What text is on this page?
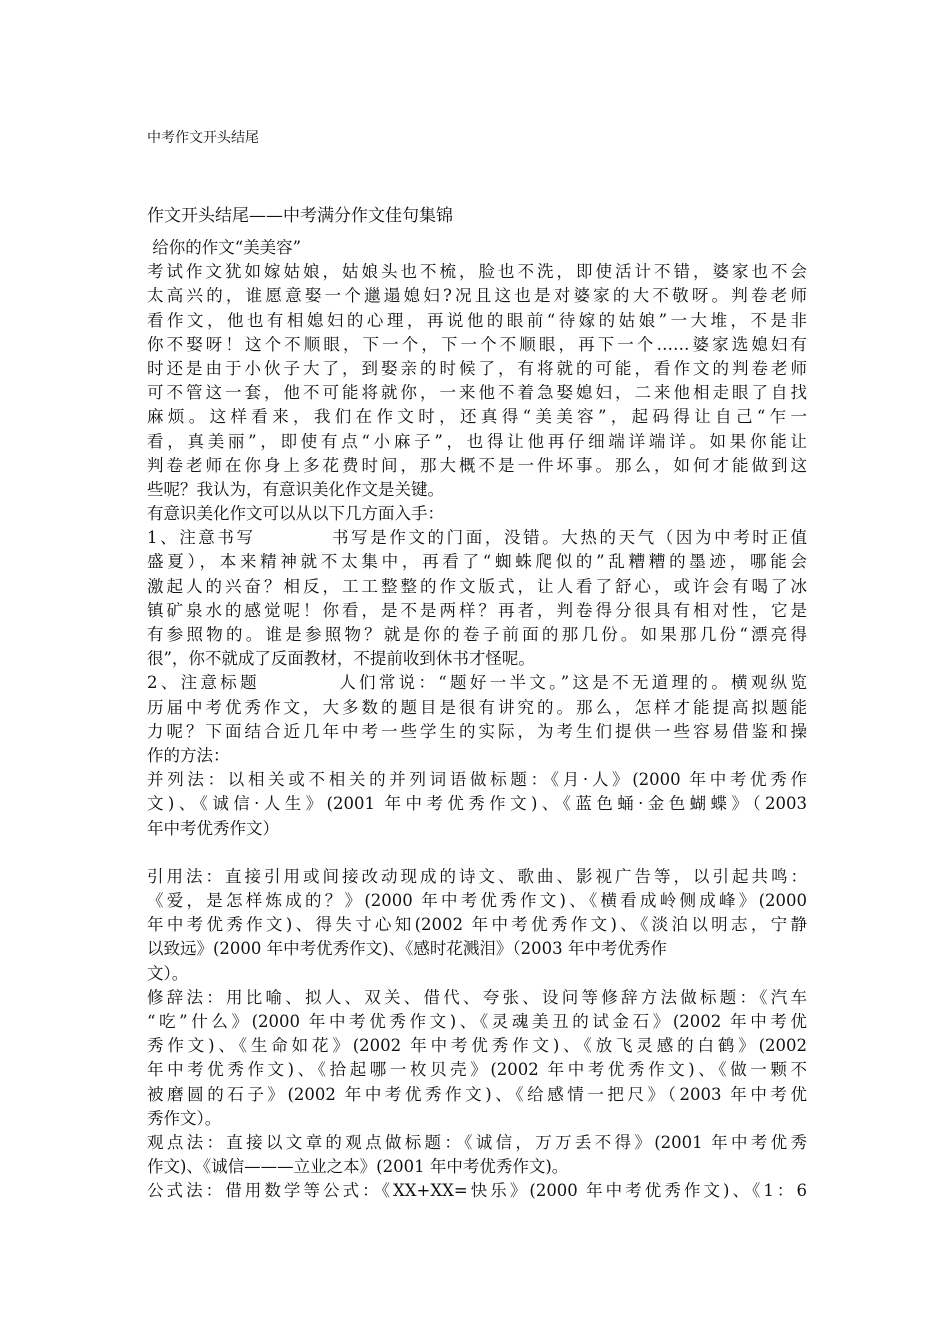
中考作文开头结尾
作文开头结尾——中考满分作文佳句集锦
给你的作文“美美容”
考试作文犹如嫁姑娘，姑娘头也不梳，脸也不洗，即使活计不错，婆家也不会
太高兴的，谁愿意娶一个邋遢媳妇?况且这也是对婆家的大不敬呀。判卷老师
看作文，他也有相媳妇的心理，再说他的眼前“待嫁的姑娘”一大堆，不是非
你不娶呀！这个不顺眼，下一个，下一个不顺眼，再下一个……婆家选媳妇有
时还是由于小伙子大了，到娶亲的时候了，有将就的可能，看作文的判卷老师
可不管这一套，他不可能将就你，一来他不着急娶媳妇，二来他相走眼了自找
麻烦。这样看来，我们在作文时，还真得“美美容”，起码得让自己“乍一
看，真美丽”，即使有点“小麻子”，也得让他再仔细端详端详。如果你能让
判卷老师在你身上多花费时间，那大概不是一件坏事。那么，如何才能做到这
些呢？我认为，有意识美化作文是关键。
有意识美化作文可以从以下几方面入手：
1、注意书写　　　　书写是作文的门面，没错。大热的天气（因为中考时正值
盛夏），本来精神就不太集中，再看了“蜘蛛爬似的”乱糟糟的墨迹，哪能会
激起人的兴奋？相反，工工整整的作文版式，让人看了舒心，或许会有喝了冰
镇矿泉水的感觉呢！你看，是不是两样？再者，判卷得分很具有相对性，它是
有参照物的。谁是参照物？就是你的卷子前面的那几份。如果那几份“漂亮得
很”，你不就成了反面教材，不提前收到休书才怪呢。
2、注意标题　　　　人们常说：“题好一半文。”这是不无道理的。横观纵览
历届中考优秀作文，大多数的题目是很有讲究的。那么，怎样才能提高拟题能
力呢？下面结合近几年中考一些学生的实际，为考生们提供一些容易借鉴和操
作的方法：
并列法：以相关或不相关的并列词语做标题：《月·人》(2000 年中考优秀作
文)、《诚信·人生》(2001 年中考优秀作文)、《蓝色蛹·金色蝴蝶》（2003
年中考优秀作文）
引用法：直接引用或间接改动现成的诗文、歌曲、影视广告等，以引起共鸣：
《爱，是怎样炼成的？》(2000 年中考优秀作文)、《横看成岭侧成峰》(2000
年中考优秀作文)、得失寸心知(2002 年中考优秀作文)、《淡泊以明志，宁静
以致远》(2000 年中考优秀作文)、《感时花溅泪》（2003 年中考优秀作
文）。
修辞法：用比喻、拟人、双关、借代、夸张、设问等修辞方法做标题：《汽车
“吃”什么》(2000 年中考优秀作文)、《灵魂美丑的试金石》(2002 年中考优
秀作文)、《生命如花》(2002 年中考优秀作文)、《放飞灵感的白鹤》(2002
年中考优秀作文)、《拾起哪一枚贝壳》(2002 年中考优秀作文)、《做一颗不
被磨圆的石子》(2002 年中考优秀作文)、《给感情一把尺》（2003 年中考优
秀作文）。
观点法：直接以文章的观点做标题：《诚信，万万丢不得》(2001 年中考优秀
作文)、《诚信———立业之本》(2001 年中考优秀作文)。
公式法：借用数学等公式：《XX+XX=快乐》(2000 年中考优秀作文)、《1：6
